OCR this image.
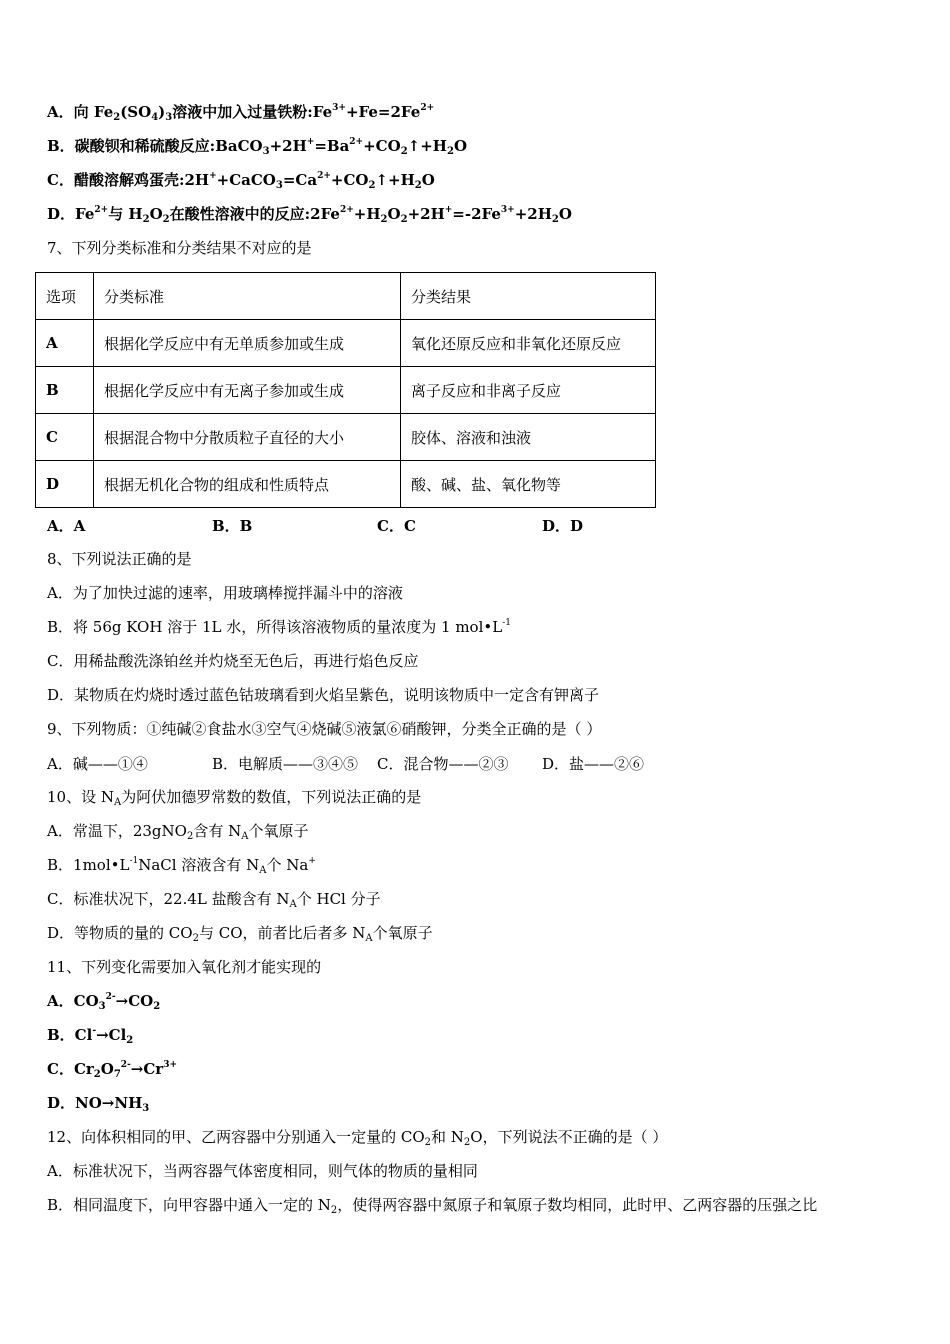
A．向 $Fe_2(SO_4)_3$溶液中加入过量铁粉$:Fe^{3+}+Fe=2Fe^{2+}$
B．碳酸钡和稀硫酸反应$:BaCO_3+2H^+=Ba^{2+}+CO_2↑+H_2O$
C．醋酸溶解鸡蛋壳$:2H^++CaCO_3=Ca^{2+}+CO_2↑+H_2O$
D．$Fe^{2+}$与 $H_2O_2$在酸性溶液中的反应$:2Fe^{2+}+H_2O_2+2H^+=-2Fe^{3+}+2H_2O$
7、下列分类标准和分类结果不对应的是
选项	分类标准	分类结果
A	根据化学反应中有无单质参加或生成	氧化还原反应和非氧化还原反应
B	根据化学反应中有无离子参加或生成	离子反应和非离子反应
C	根据混合物中分散质粒子直径的大小	胶体、溶液和浊液
D	根据无机化合物的组成和性质特点	酸、碱、盐、氧化物等
A．A	B．B	C．C	D．D
8、下列说法正确的是
A．为了加快过滤的速率，用玻璃棒搅拌漏斗中的溶液
B．将 56g KOH 溶于 1L 水，所得该溶液物质的量浓度为 1 $mol•L^{-1}$
C．用稀盐酸洗涤铂丝并灼烧至无色后，再进行焰色反应
D．某物质在灼烧时透过蓝色钴玻璃看到火焰呈紫色，说明该物质中一定含有钾离子
9、下列物质：①纯碱②食盐水③空气④烧碱⑤液氯⑥硝酸钾，分类全正确的是（ ）
A．碱——①④	B．电解质——③④⑤ C．混合物——②③ D．盐——②⑥
10、设 $N_A$为阿伏加德罗常数的数值，下列说法正确的是
A．常温下，23gNO$_2$含有 $N_A$个氧原子
B．$1mol•L^{-1}NaCl$ 溶液含有 $N_A$个 Na+
C．标准状况下，22.4L 盐酸含有 $N_A$个 HCl 分子
D．等物质的量的 $CO_2$与 CO，前者比后者多 $N_A$个氧原子
11、下列变化需要加入氧化剂才能实现的
A．$CO_3^{2-}\to CO_2$
B．$Cl^-\to Cl_2$
C．$Cr_2O_7^{2-}\to Cr^{3+}$
D．$NO\to NH_3$
12、向体积相同的甲、乙两容器中分别通入一定量的 $CO_2$和 $N_2O$，下列说法不正确的是（ ）
A．标准状况下，当两容器气体密度相同，则气体的物质的量相同
B．相同温度下，向甲容器中通入一定的 $N_2$，使得两容器中氮原子和氧原子数均相同，此时甲、乙两容器的压强之比
